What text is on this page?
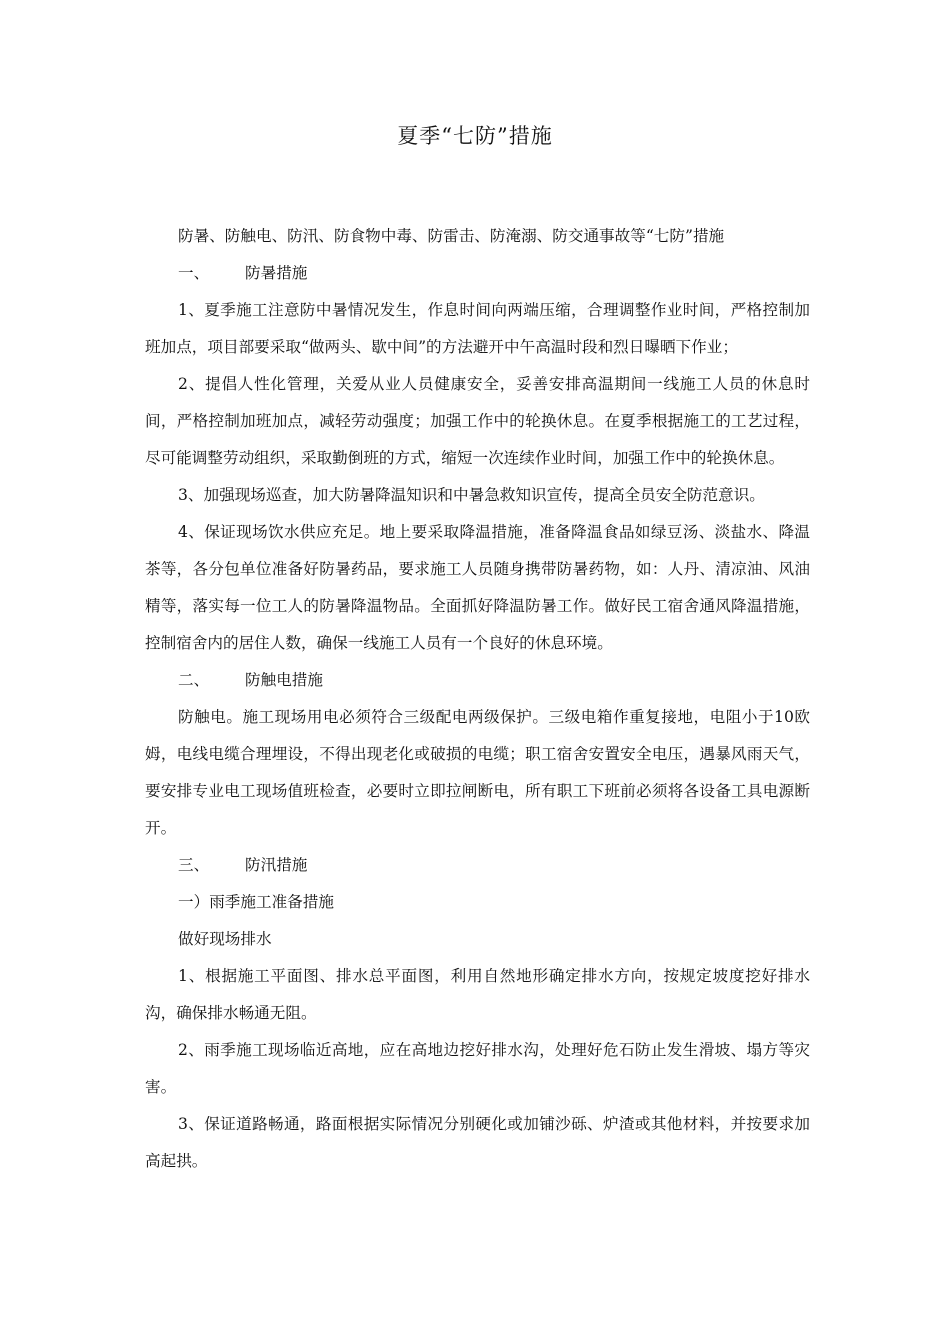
夏季“七防”措施

防暑、防触电、防汛、防食物中毒、防雷击、防淹溺、防交通事故等“七防”措施

一、 防暑措施

1、夏季施工注意防中暑情况发生，作息时间向两端压缩，合理调整作业时间，严格控制加班加点，项目部要采取“做两头、歇中间”的方法避开中午高温时段和烈日曝晒下作业；

2、提倡人性化管理，关爱从业人员健康安全，妥善安排高温期间一线施工人员的休息时间，严格控制加班加点，减轻劳动强度；加强工作中的轮换休息。在夏季根据施工的工艺过程，尽可能调整劳动组织，采取勤倒班的方式，缩短一次连续作业时间，加强工作中的轮换休息。

3、加强现场巡查，加大防暑降温知识和中暑急救知识宣传，提高全员安全防范意识。

4、保证现场饮水供应充足。地上要采取降温措施，准备降温食品如绿豆汤、淡盐水、降温茶等，各分包单位准备好防暑药品，要求施工人员随身携带防暑药物，如：人丹、清凉油、风油精等，落实每一位工人的防暑降温物品。全面抓好降温防暑工作。做好民工宿舍通风降温措施，控制宿舍内的居住人数，确保一线施工人员有一个良好的休息环境。

二、 防触电措施

防触电。施工现场用电必须符合三级配电两级保护。三级电箱作重复接地，电阻小于10欧姆，电线电缆合理埋设，不得出现老化或破损的电缆；职工宿舍安置安全电压，遇暴风雨天气，要安排专业电工现场值班检查，必要时立即拉闸断电，所有职工下班前必须将各设备工具电源断开。

三、 防汛措施

一）雨季施工准备措施

做好现场排水

1、根据施工平面图、排水总平面图，利用自然地形确定排水方向，按规定坡度挖好排水沟，确保排水畅通无阻。

2、雨季施工现场临近高地，应在高地边挖好排水沟，处理好危石防止发生滑坡、塌方等灾害。

3、保证道路畅通，路面根据实际情况分别硬化或加铺沙砾、炉渣或其他材料，并按要求加高起拱。
